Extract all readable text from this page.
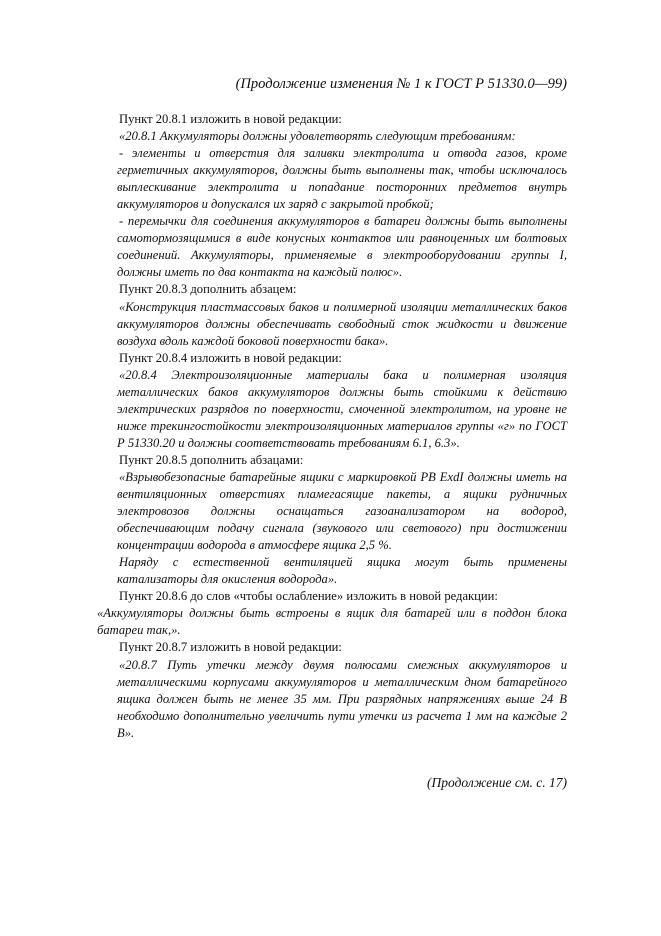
(Продолжение изменения № 1 к ГОСТ Р 51330.0—99)

Пункт 20.8.1 изложить в новой редакции:

«20.8.1 Аккумуляторы должны удовлетворять следующим требованиям:

- элементы и отверстия для заливки электролита и отвода газов, кроме герметичных аккумуляторов, должны быть выполнены так, чтобы исключалось выплескивание электролита и попадание посторонних предметов внутрь аккумуляторов и допускался их заряд с закрытой пробкой;

- перемычки для соединения аккумуляторов в батареи должны быть выполнены самотормозящимися в виде конусных контактов или равноценных им болтовых соединений. Аккумуляторы, применяемые в электрооборудовании группы I, должны иметь по два контакта на каждый полюс».

Пункт 20.8.3 дополнить абзацем:

«Конструкция пластмассовых баков и полимерной изоляции металлических баков аккумуляторов должны обеспечивать свободный сток жидкости и движение воздуха вдоль каждой боковой поверхности бака».

Пункт 20.8.4 изложить в новой редакции:

«20.8.4 Электроизоляционные материалы бака и полимерная изоляция металлических баков аккумуляторов должны быть стойкими к действию электрических разрядов по поверхности, смоченной электролитом, на уровне не ниже трекингостойкости электроизоляционных материалов группы «г» по ГОСТ Р 51330.20 и должны соответствовать требованиям 6.1, 6.3».

Пункт 20.8.5 дополнить абзацами:

«Взрывобезопасные батарейные ящики с маркировкой PB ExdI должны иметь на вентиляционных отверстиях пламегасящие пакеты, а ящики рудничных электровозов должны оснащаться газоанализатором на водород, обеспечивающим подачу сигнала (звукового или светового) при достижении концентрации водорода в атмосфере ящика 2,5 %.

Наряду с естественной вентиляцией ящика могут быть применены катализаторы для окисления водорода».

Пункт 20.8.6 до слов «чтобы ослабление» изложить в новой редакции:

«Аккумуляторы должны быть встроены в ящик для батарей или в поддон блока батареи так,».

Пункт 20.8.7 изложить в новой редакции:

«20.8.7 Путь утечки между двумя полюсами смежных аккумуляторов и металлическими корпусами аккумуляторов и металлическим дном батарейного ящика должен быть не менее 35 мм. При разрядных напряжениях выше 24 В необходимо дополнительно увеличить пути утечки из расчета 1 мм на каждые 2 В».

(Продолжение см. с. 17)
